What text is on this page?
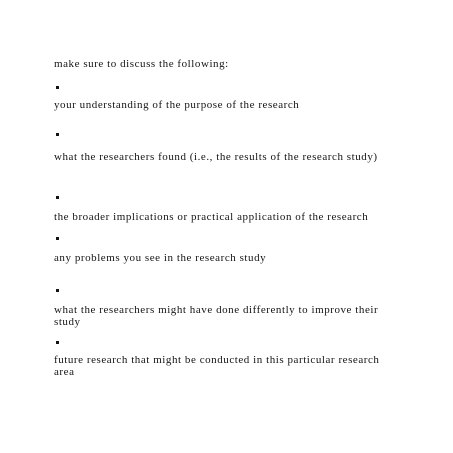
make sure to discuss the following:
your understanding of the purpose of the research
what the researchers found (i.e., the results of the research study)
the broader implications or practical application of the research
any problems you see in the research study
what the researchers might have done differently to improve their study
future research that might be conducted in this particular research area
